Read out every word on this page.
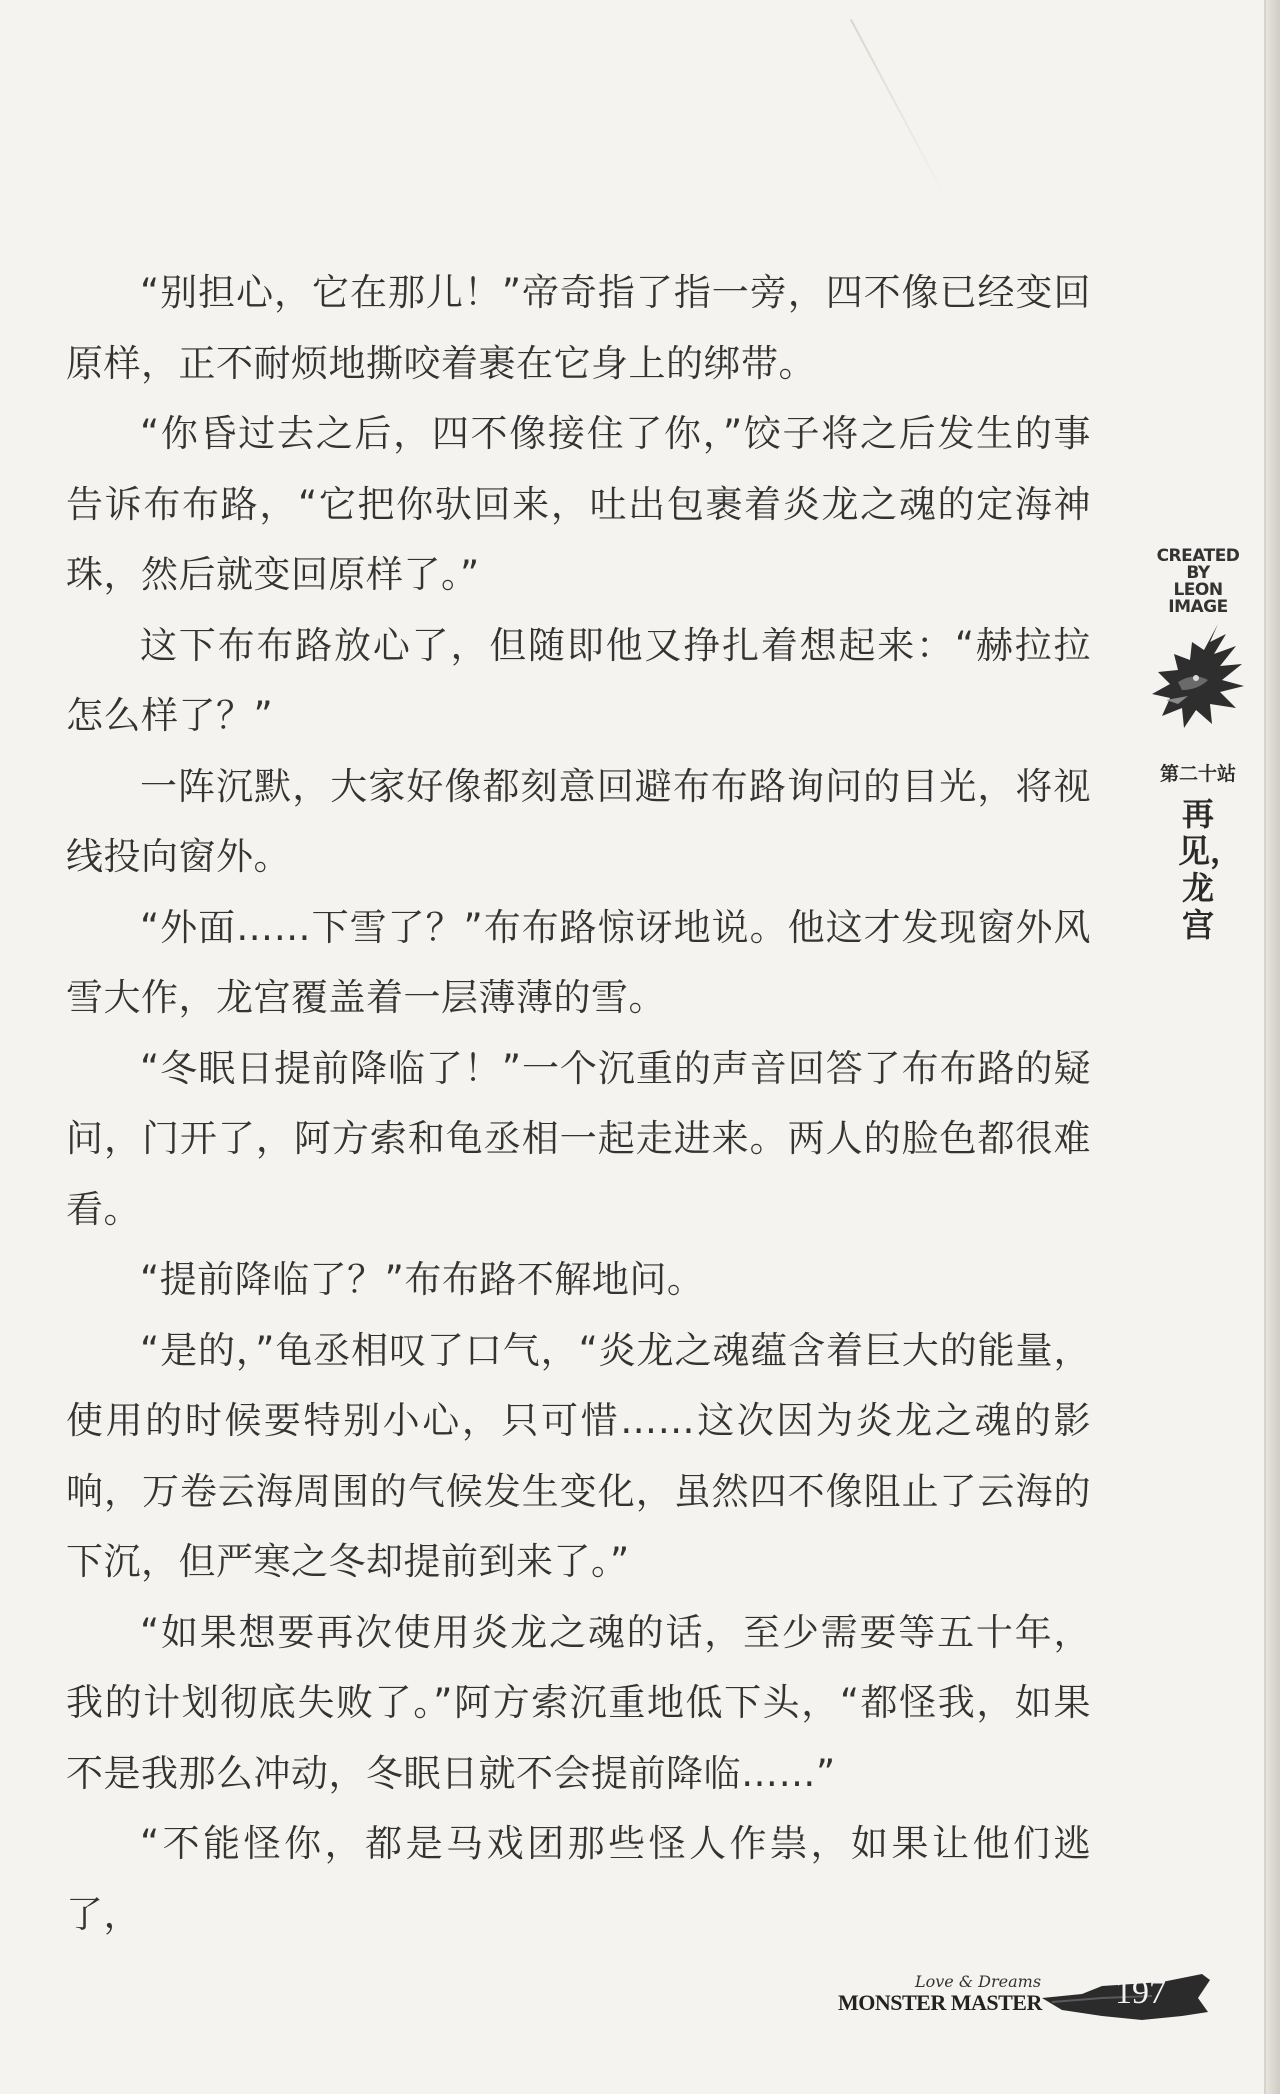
“别担心，它在那儿！”帝奇指了指一旁，四不像已经变回原样，正不耐烦地撕咬着裹在它身上的绑带。

“你昏过去之后，四不像接住了你，”饺子将之后发生的事告诉布布路，“它把你驮回来，吐出包裹着炎龙之魂的定海神珠，然后就变回原样了。”

这下布布路放心了，但随即他又挣扎着想起来：“赫拉拉怎么样了？”

一阵沉默，大家好像都刻意回避布布路询问的目光，将视线投向窗外。

“外面……下雪了？”布布路惊讶地说。他这才发现窗外风雪大作，龙宫覆盖着一层薄薄的雪。

“冬眠日提前降临了！”一个沉重的声音回答了布布路的疑问，门开了，阿方索和龟丞相一起走进来。两人的脸色都很难看。

“提前降临了？”布布路不解地问。

“是的，”龟丞相叹了口气，“炎龙之魂蕴含着巨大的能量，使用的时候要特别小心，只可惜……这次因为炎龙之魂的影响，万卷云海周围的气候发生变化，虽然四不像阻止了云海的下沉，但严寒之冬却提前到来了。”

“如果想要再次使用炎龙之魂的话，至少需要等五十年，我的计划彻底失败了。”阿方索沉重地低下头，“都怪我，如果不是我那么冲动，冬眠日就不会提前降临……”

“不能怪你，都是马戏团那些怪人作祟，如果让他们逃了，

CREATED
BY
LEON
IMAGE
第二十站
再见，龙宫
Love & Dreams
MONSTER MASTER 197
